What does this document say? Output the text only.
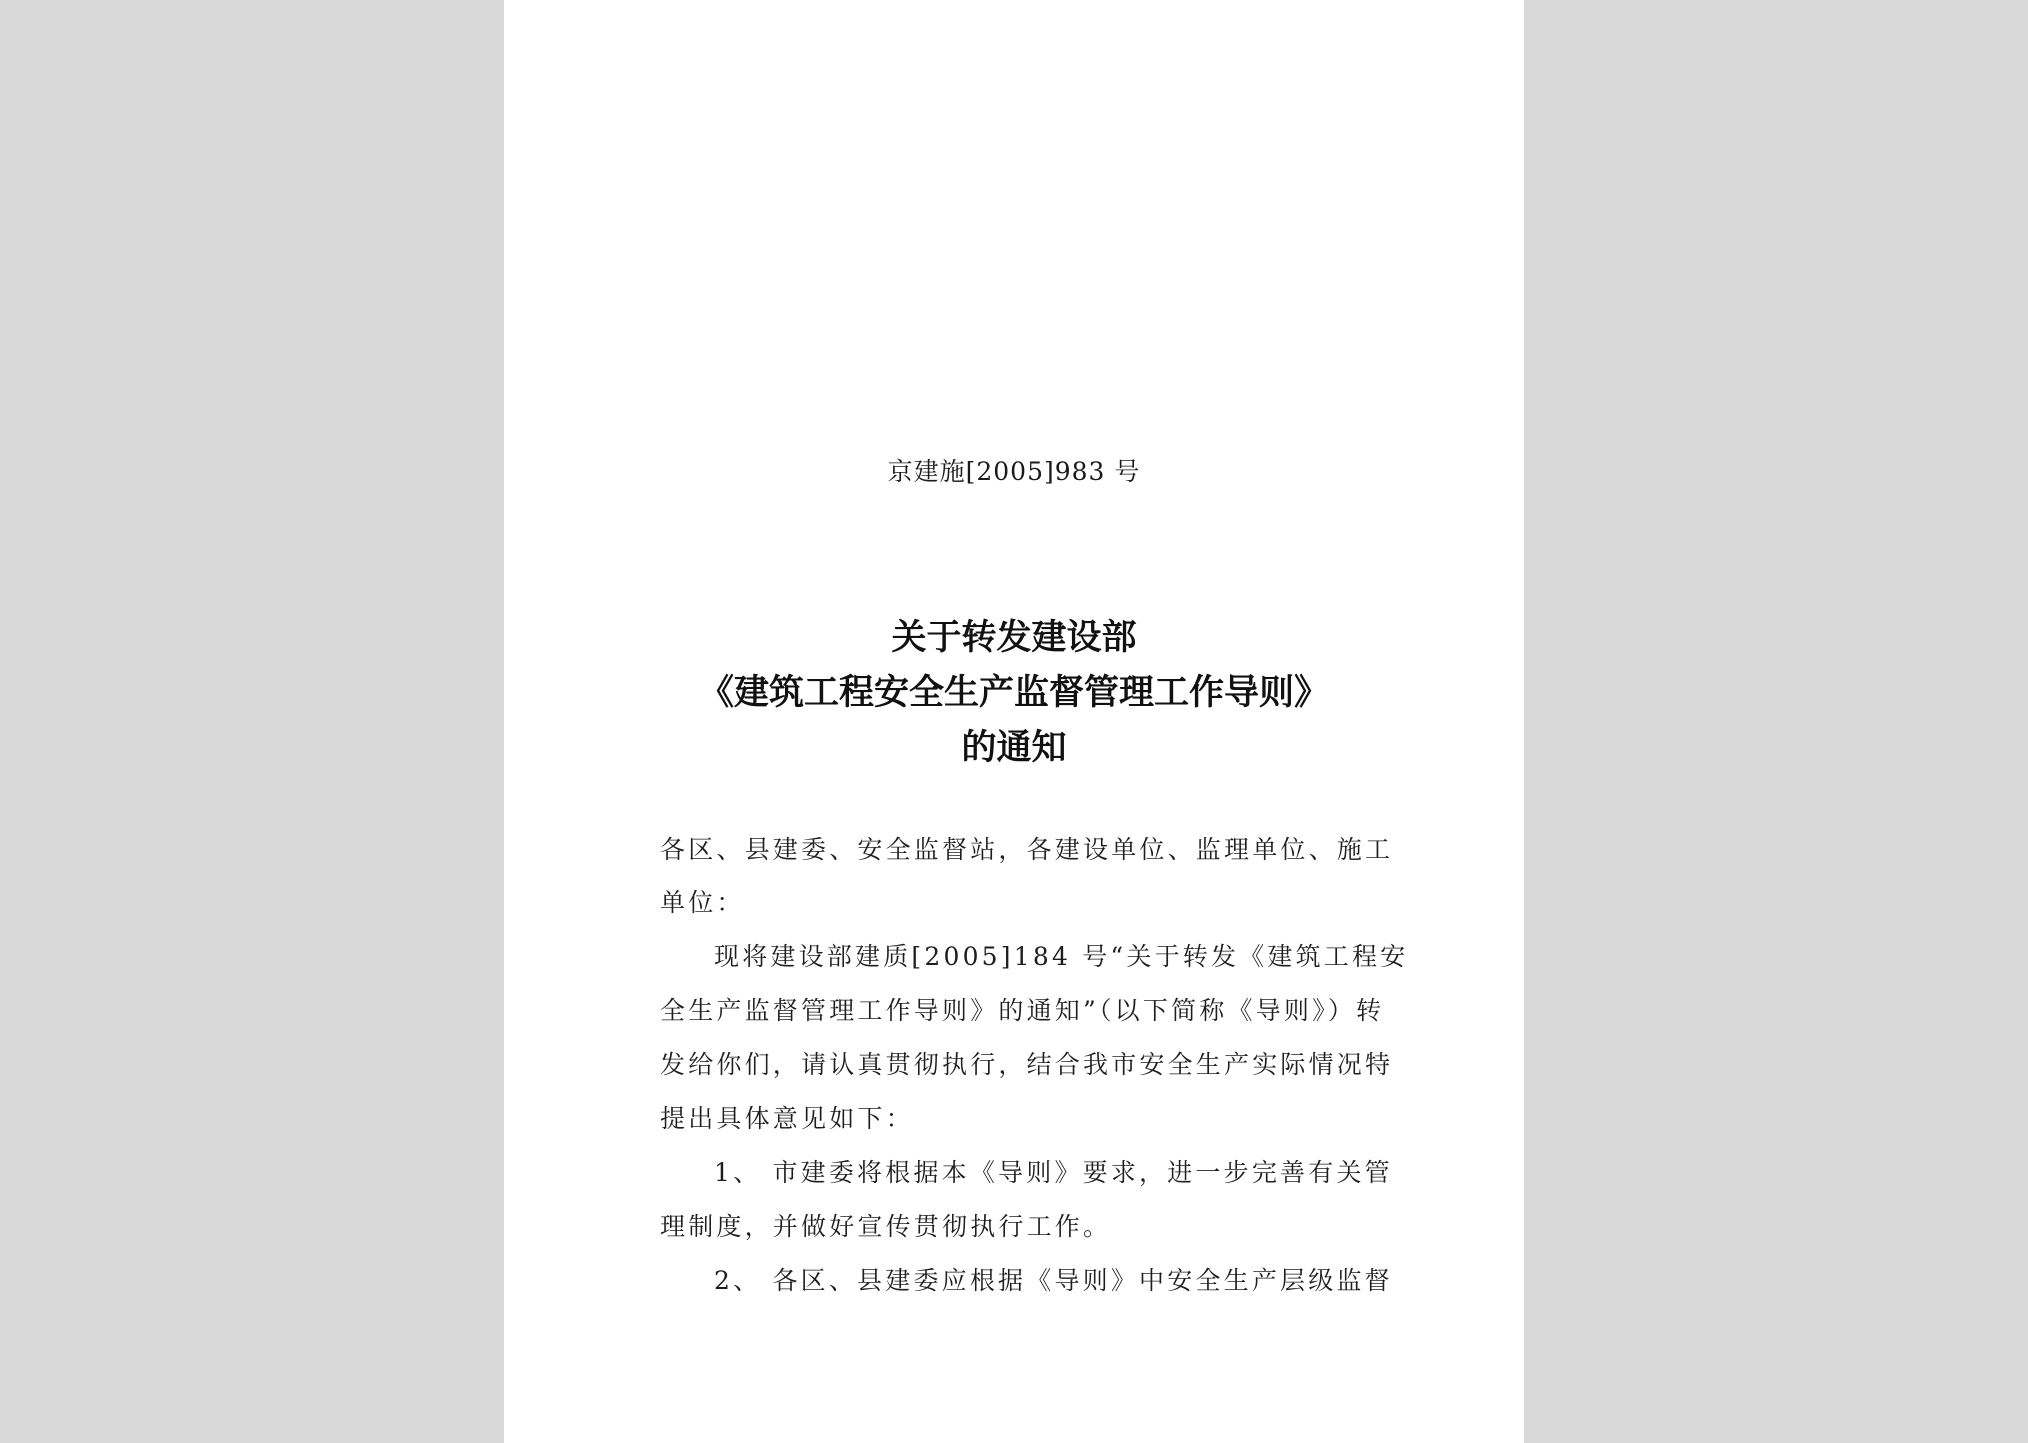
京建施[2005]983 号
关于转发建设部
《建筑工程安全生产监督管理工作导则》
的通知
各区、县建委、安全监督站，各建设单位、监理单位、施工
单位：
现将建设部建质[2005]184 号“关于转发《建筑工程安
全生产监督管理工作导则》的通知”（以下简称《导则》）转
发给你们，请认真贯彻执行，结合我市安全生产实际情况特
提出具体意见如下：
1、 市建委将根据本《导则》要求，进一步完善有关管
理制度，并做好宣传贯彻执行工作。
2、 各区、县建委应根据《导则》中安全生产层级监督
